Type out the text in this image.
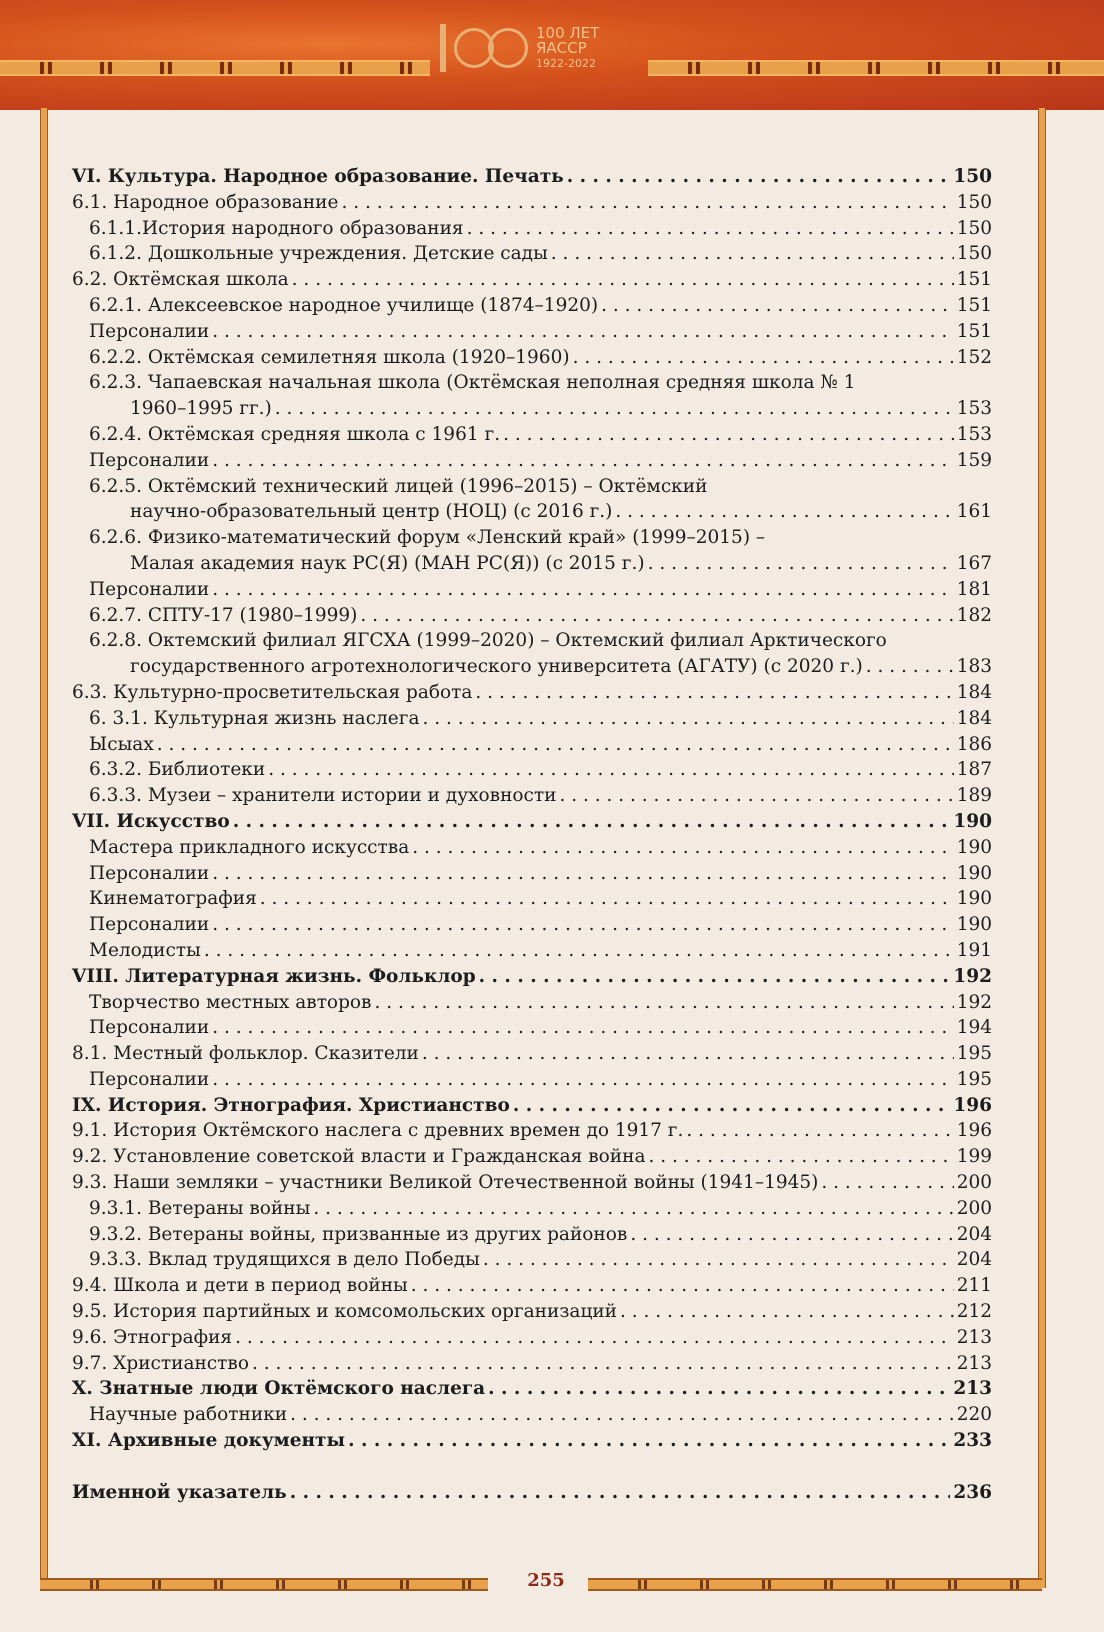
100 ЛЕТ
ЯАССР
1922-2022
255
VI. Культура. Народное образование. Печать . . .	150
6.1. Народное образование . . .	150
6.1.1.История народного образования . . .	150
6.1.2. Дошкольные учреждения. Детские сады . . .	150
6.2. Октёмская школа . . .	151
6.2.1. Алексеевское народное училище (1874–1920) . . .	151
Персоналии . . .	151
6.2.2. Октёмская семилетняя школа (1920–1960) . . .	152
6.2.3. Чапаевская начальная школа (Октёмская неполная средняя школа № 1
1960–1995 гг.) . . .	153
6.2.4. Октёмская средняя школа с 1961 г. . . .	153
Персоналии . . .	159
6.2.5. Октёмский технический лицей (1996–2015) – Октёмский
научно-образовательный центр (НОЦ) (с 2016 г.) . . .	161
6.2.6. Физико-математический форум «Ленский край» (1999–2015) –
Малая академия наук РС(Я) (МАН РС(Я)) (с 2015 г.) . . .	167
Персоналии . . .	181
6.2.7. СПТУ-17 (1980–1999) . . .	182
6.2.8. Октемский филиал ЯГСХА (1999–2020) – Октемский филиал Арктического
государственного агротехнологического университета (АГАТУ) (с 2020 г.) . . .	183
6.3. Культурно-просветительская работа . . .	184
6. 3.1. Культурная жизнь наслега . . .	184
Ысыах . . .	186
6.3.2. Библиотеки . . .	187
6.3.3. Музеи – хранители истории и духовности . . .	189
VII. Искусство . . .	190
Мастера прикладного искусства . . .	190
Персоналии . . .	190
Кинематография . . .	190
Персоналии . . .	190
Мелодисты . . .	191
VIII. Литературная жизнь. Фольклор . . .	192
Творчество местных авторов . . .	192
Персоналии . . .	194
8.1. Местный фольклор. Сказители . . .	195
Персоналии . . .	195
IX. История. Этнография. Христианство . . .	196
9.1. История Октёмского наслега с древних времен до 1917 г. . . .	196
9.2. Установление советской власти и Гражданская война . . .	199
9.3. Наши земляки – участники Великой Отечественной войны (1941–1945) . . .	200
9.3.1. Ветераны войны . . .	200
9.3.2. Ветераны войны, призванные из других районов . . .	204
9.3.3. Вклад трудящихся в дело Победы . . .	204
9.4. Школа и дети в период войны . . .	211
9.5. История партийных и комсомольских организаций . . .	212
9.6. Этнография . . .	213
9.7. Христианство . . .	213
X. Знатные люди Октёмского наслега . . .	213
Научные работники . . .	220
XI. Архивные документы . . .	233
Именной указатель . . .	236
